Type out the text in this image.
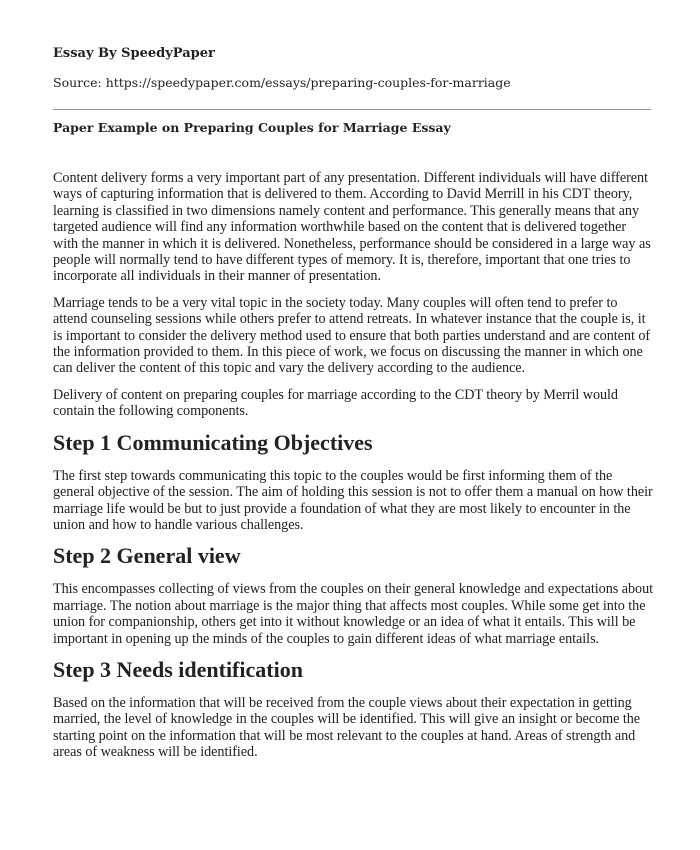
Essay By SpeedyPaper

Source: https://speedypaper.com/essays/preparing-couples-for-marriage

Paper Example on Preparing Couples for Marriage Essay

Content delivery forms a very important part of any presentation. Different individuals will have different ways of capturing information that is delivered to them. According to David Merrill in his CDT theory, learning is classified in two dimensions namely content and performance. This generally means that any targeted audience will find any information worthwhile based on the content that is delivered together with the manner in which it is delivered. Nonetheless, performance should be considered in a large way as people will normally tend to have different types of memory. It is, therefore, important that one tries to incorporate all individuals in their manner of presentation.

Marriage tends to be a very vital topic in the society today. Many couples will often tend to prefer to attend counseling sessions while others prefer to attend retreats. In whatever instance that the couple is, it is important to consider the delivery method used to ensure that both parties understand and are content of the information provided to them. In this piece of work, we focus on discussing the manner in which one can deliver the content of this topic and vary the delivery according to the audience.

Delivery of content on preparing couples for marriage according to the CDT theory by Merril would contain the following components.

Step 1 Communicating Objectives

The first step towards communicating this topic to the couples would be first informing them of the general objective of the session. The aim of holding this session is not to offer them a manual on how their marriage life would be but to just provide a foundation of what they are most likely to encounter in the union and how to handle various challenges.

Step 2 General view

This encompasses collecting of views from the couples on their general knowledge and expectations about marriage. The notion about marriage is the major thing that affects most couples. While some get into the union for companionship, others get into it without knowledge or an idea of what it entails. This will be important in opening up the minds of the couples to gain different ideas of what marriage entails.

Step 3 Needs identification

Based on the information that will be received from the couple views about their expectation in getting married, the level of knowledge in the couples will be identified. This will give an insight or become the starting point on the information that will be most relevant to the couples at hand. Areas of strength and areas of weakness will be identified.
